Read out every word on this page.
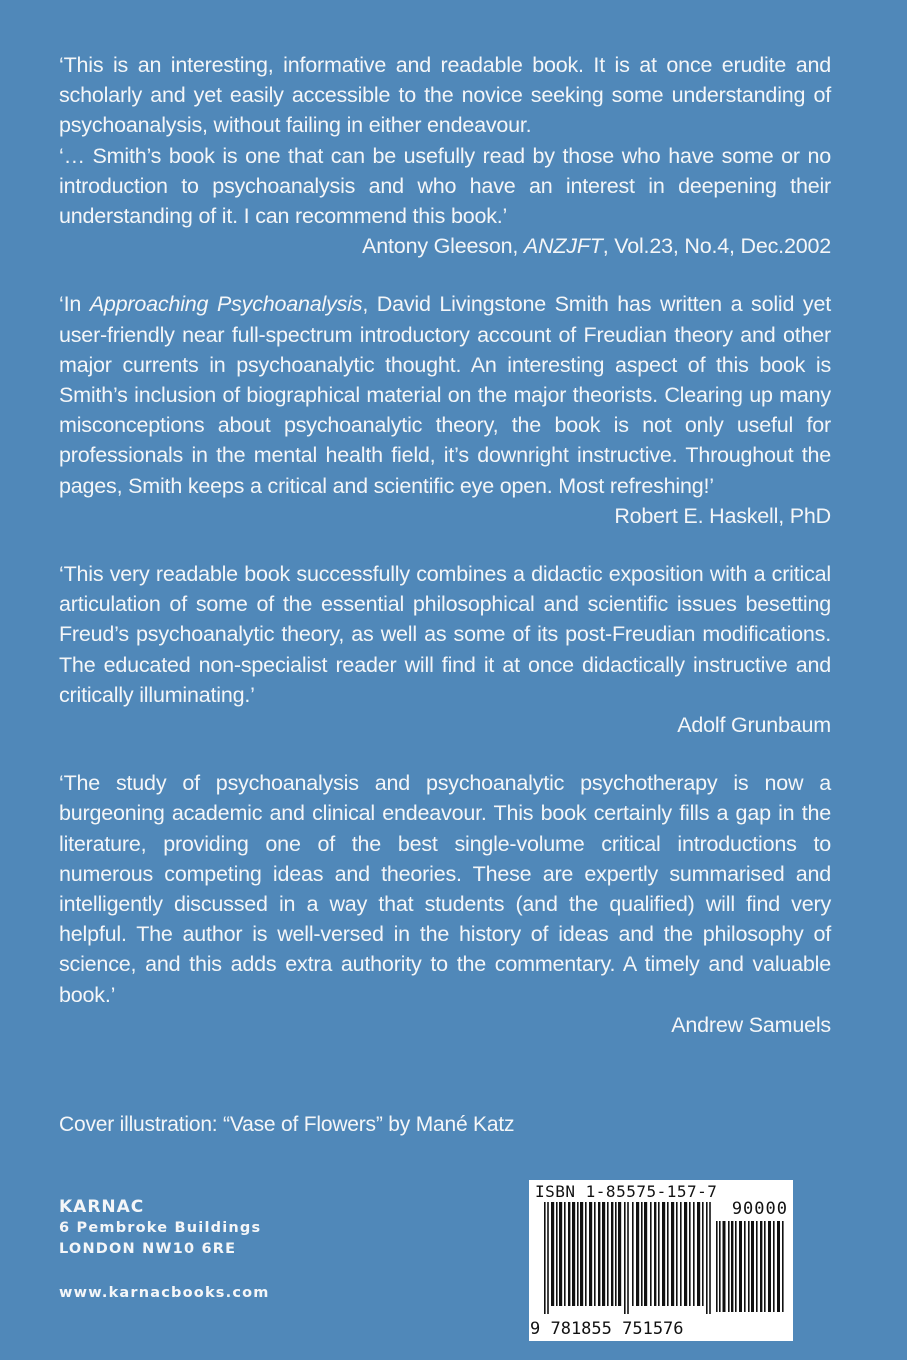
‘This is an interesting, informative and readable book. It is at once erudite and scholarly and yet easily accessible to the novice seeking some understanding of psychoanalysis, without failing in either endeavour.

‘… Smith’s book is one that can be usefully read by those who have some or no introduction to psychoanalysis and who have an interest in deepening their understanding of it. I can recommend this book.’

Antony Gleeson, ANZJFT, Vol.23, No.4, Dec.2002

‘In Approaching Psychoanalysis, David Livingstone Smith has written a solid yet user-friendly near full-spectrum introductory account of Freudian theory and other major currents in psychoanalytic thought. An interesting aspect of this book is Smith’s inclusion of biographical material on the major theorists. Clearing up many misconceptions about psychoanalytic theory, the book is not only useful for professionals in the mental health field, it’s downright instructive. Throughout the pages, Smith keeps a critical and scientific eye open. Most refreshing!’

Robert E. Haskell, PhD

‘This very readable book successfully combines a didactic exposition with a critical articulation of some of the essential philosophical and scientific issues besetting Freud’s psychoanalytic theory, as well as some of its post-Freudian modifications. The educated non-specialist reader will find it at once didactically instructive and critically illuminating.’

Adolf Grunbaum

‘The study of psychoanalysis and psychoanalytic psychotherapy is now a burgeoning academic and clinical endeavour. This book certainly fills a gap in the literature, providing one of the best single-volume critical introductions to numerous competing ideas and theories. These are expertly summarised and intelligently discussed in a way that students (and the qualified) will find very helpful. The author is well-versed in the history of ideas and the philosophy of science, and this adds extra authority to the commentary. A timely and valuable book.’

Andrew Samuels
Cover illustration: “Vase of Flowers” by Mané Katz
KARNAC
6 Pembroke Buildings
LONDON NW10 6RE
www.karnacbooks.com
ISBN 1-85575-157-7
90000
9 781855 751576
